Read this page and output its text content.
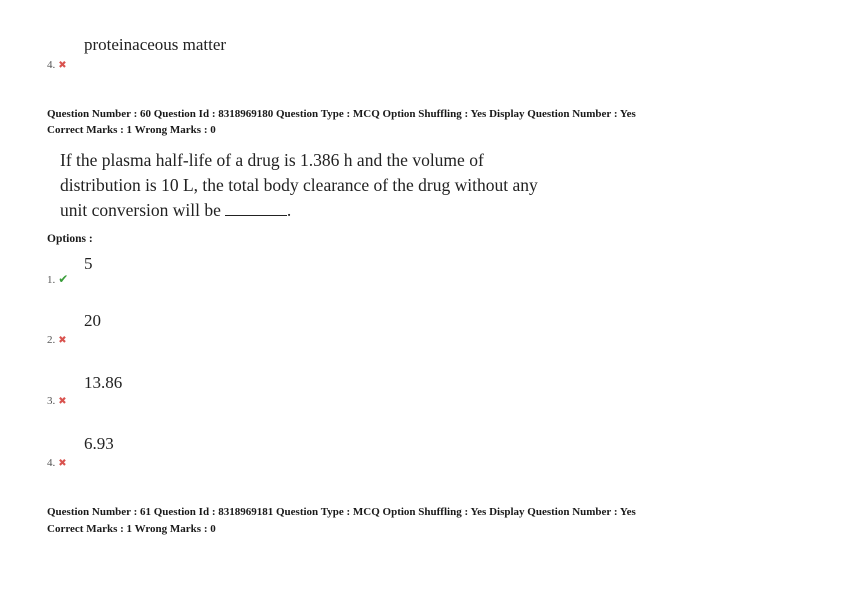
proteinaceous matter
4. ✖
Question Number : 60 Question Id : 8318969180 Question Type : MCQ Option Shuffling : Yes Display Question Number : Yes
Correct Marks : 1 Wrong Marks : 0
If the plasma half-life of a drug is 1.386 h and the volume of
distribution is 10 L, the total body clearance of the drug without any
unit conversion will be	.
Options :
5
1. ✔
20
2. ✖
13.86
3. ✖
6.93
4. ✖
Question Number : 61 Question Id : 8318969181 Question Type : MCQ Option Shuffling : Yes Display Question Number : Yes
Correct Marks : 1 Wrong Marks : 0
